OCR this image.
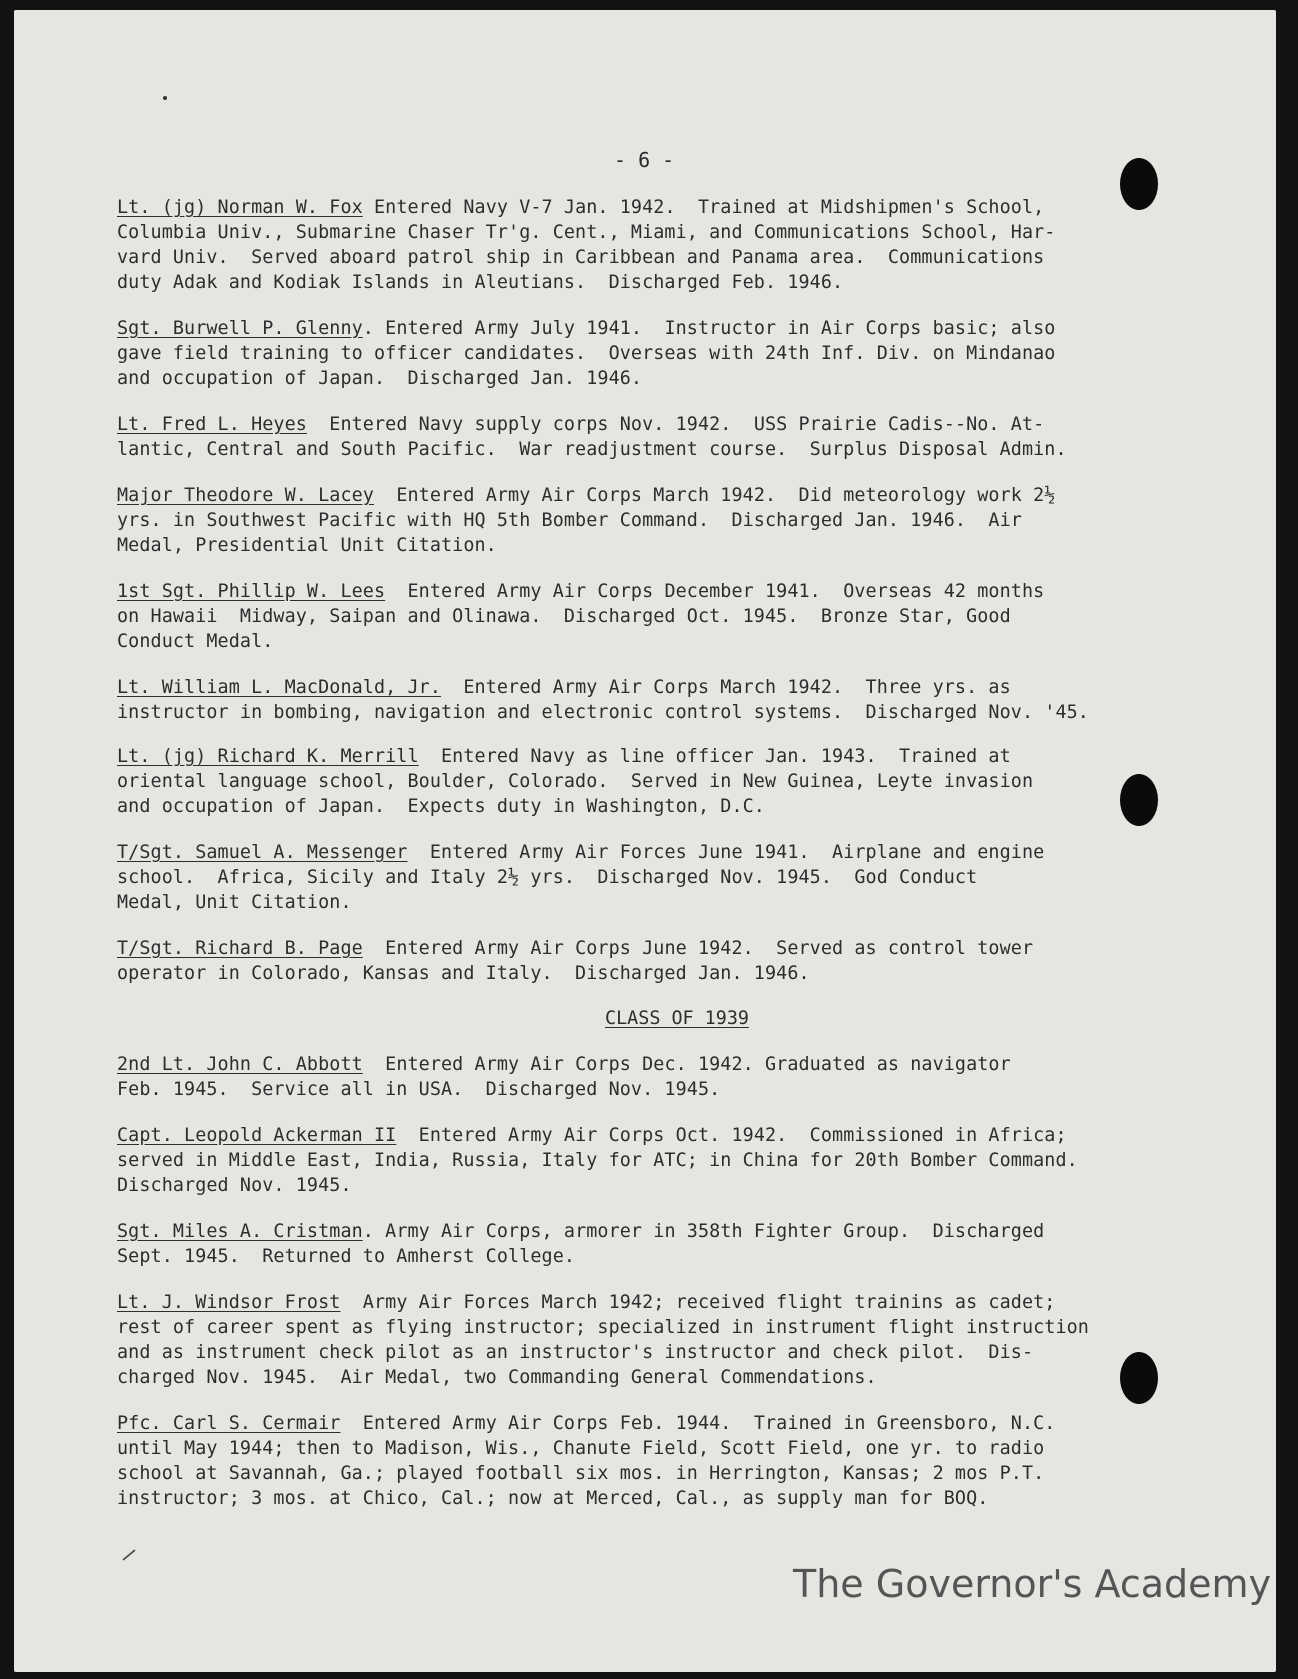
- 6 -
Lt. (jg) Norman W. Fox Entered Navy V-7 Jan. 1942.  Trained at Midshipmen's School,
Columbia Univ., Submarine Chaser Tr'g. Cent., Miami, and Communications School, Har-
vard Univ.  Served aboard patrol ship in Caribbean and Panama area.  Communications
duty Adak and Kodiak Islands in Aleutians.  Discharged Feb. 1946.
Sgt. Burwell P. Glenny. Entered Army July 1941.  Instructor in Air Corps basic; also
gave field training to officer candidates.  Overseas with 24th Inf. Div. on Mindanao
and occupation of Japan.  Discharged Jan. 1946.
Lt. Fred L. Heyes  Entered Navy supply corps Nov. 1942.  USS Prairie Cadis--No. At-
lantic, Central and South Pacific.  War readjustment course.  Surplus Disposal Admin.
Major Theodore W. Lacey  Entered Army Air Corps March 1942.  Did meteorology work 2½
yrs. in Southwest Pacific with HQ 5th Bomber Command.  Discharged Jan. 1946.  Air
Medal, Presidential Unit Citation.
1st Sgt. Phillip W. Lees  Entered Army Air Corps December 1941.  Overseas 42 months
on Hawaii  Midway, Saipan and Olinawa.  Discharged Oct. 1945.  Bronze Star, Good
Conduct Medal.
Lt. William L. MacDonald, Jr.  Entered Army Air Corps March 1942.  Three yrs. as
instructor in bombing, navigation and electronic control systems.  Discharged Nov. '45.
Lt. (jg) Richard K. Merrill  Entered Navy as line officer Jan. 1943.  Trained at
oriental language school, Boulder, Colorado.  Served in New Guinea, Leyte invasion
and occupation of Japan.  Expects duty in Washington, D.C.
T/Sgt. Samuel A. Messenger  Entered Army Air Forces June 1941.  Airplane and engine
school.  Africa, Sicily and Italy 2½ yrs.  Discharged Nov. 1945.  God Conduct
Medal, Unit Citation.
T/Sgt. Richard B. Page  Entered Army Air Corps June 1942.  Served as control tower
operator in Colorado, Kansas and Italy.  Discharged Jan. 1946.
CLASS OF 1939
2nd Lt. John C. Abbott  Entered Army Air Corps Dec. 1942. Graduated as navigator
Feb. 1945.  Service all in USA.  Discharged Nov. 1945.
Capt. Leopold Ackerman II  Entered Army Air Corps Oct. 1942.  Commissioned in Africa;
served in Middle East, India, Russia, Italy for ATC; in China for 20th Bomber Command.
Discharged Nov. 1945.
Sgt. Miles A. Cristman. Army Air Corps, armorer in 358th Fighter Group.  Discharged
Sept. 1945.  Returned to Amherst College.
Lt. J. Windsor Frost  Army Air Forces March 1942; received flight trainins as cadet;
rest of career spent as flying instructor; specialized in instrument flight instruction
and as instrument check pilot as an instructor's instructor and check pilot.  Dis-
charged Nov. 1945.  Air Medal, two Commanding General Commendations.
Pfc. Carl S. Cermair  Entered Army Air Corps Feb. 1944.  Trained in Greensboro, N.C.
until May 1944; then to Madison, Wis., Chanute Field, Scott Field, one yr. to radio
school at Savannah, Ga.; played football six mos. in Herrington, Kansas; 2 mos P.T.
instructor; 3 mos. at Chico, Cal.; now at Merced, Cal., as supply man for BOQ.
The Governor's Academy
